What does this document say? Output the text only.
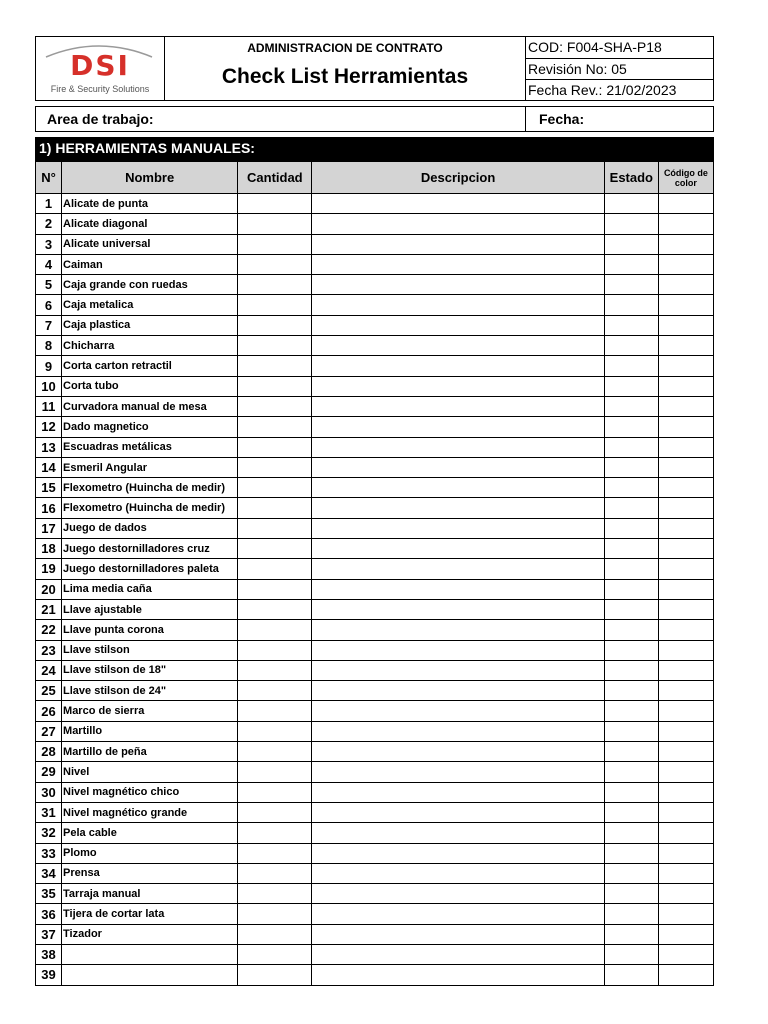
DSI
Fire & Security Solutions
ADMINISTRACION DE CONTRATO
Check List Herramientas
COD: F004-SHA-P18
Revisión No: 05
Fecha Rev.: 21/02/2023
Area de trabajo:	Fecha:
1) HERRAMIENTAS MANUALES:
N°	Nombre	Cantidad	Descripcion	Estado	Código de color
1	Alicate de punta				
2	Alicate diagonal				
3	Alicate universal				
4	Caiman				
5	Caja grande con ruedas				
6	Caja metalica				
7	Caja plastica				
8	Chicharra				
9	Corta carton retractil				
10	Corta tubo				
11	Curvadora manual de mesa				
12	Dado magnetico				
13	Escuadras metálicas				
14	Esmeril Angular				
15	Flexometro (Huincha de medir)				
16	Flexometro (Huincha de medir)				
17	Juego de dados				
18	Juego destornilladores cruz				
19	Juego destornilladores paleta				
20	Lima media caña				
21	Llave ajustable				
22	Llave punta corona				
23	Llave stilson				
24	Llave stilson de 18"				
25	Llave stilson de 24"				
26	Marco de sierra				
27	Martillo				
28	Martillo de peña				
29	Nivel				
30	Nivel magnético chico				
31	Nivel magnético grande				
32	Pela cable				
33	Plomo				
34	Prensa				
35	Tarraja manual				
36	Tijera de cortar lata				
37	Tizador				
38					
39					
